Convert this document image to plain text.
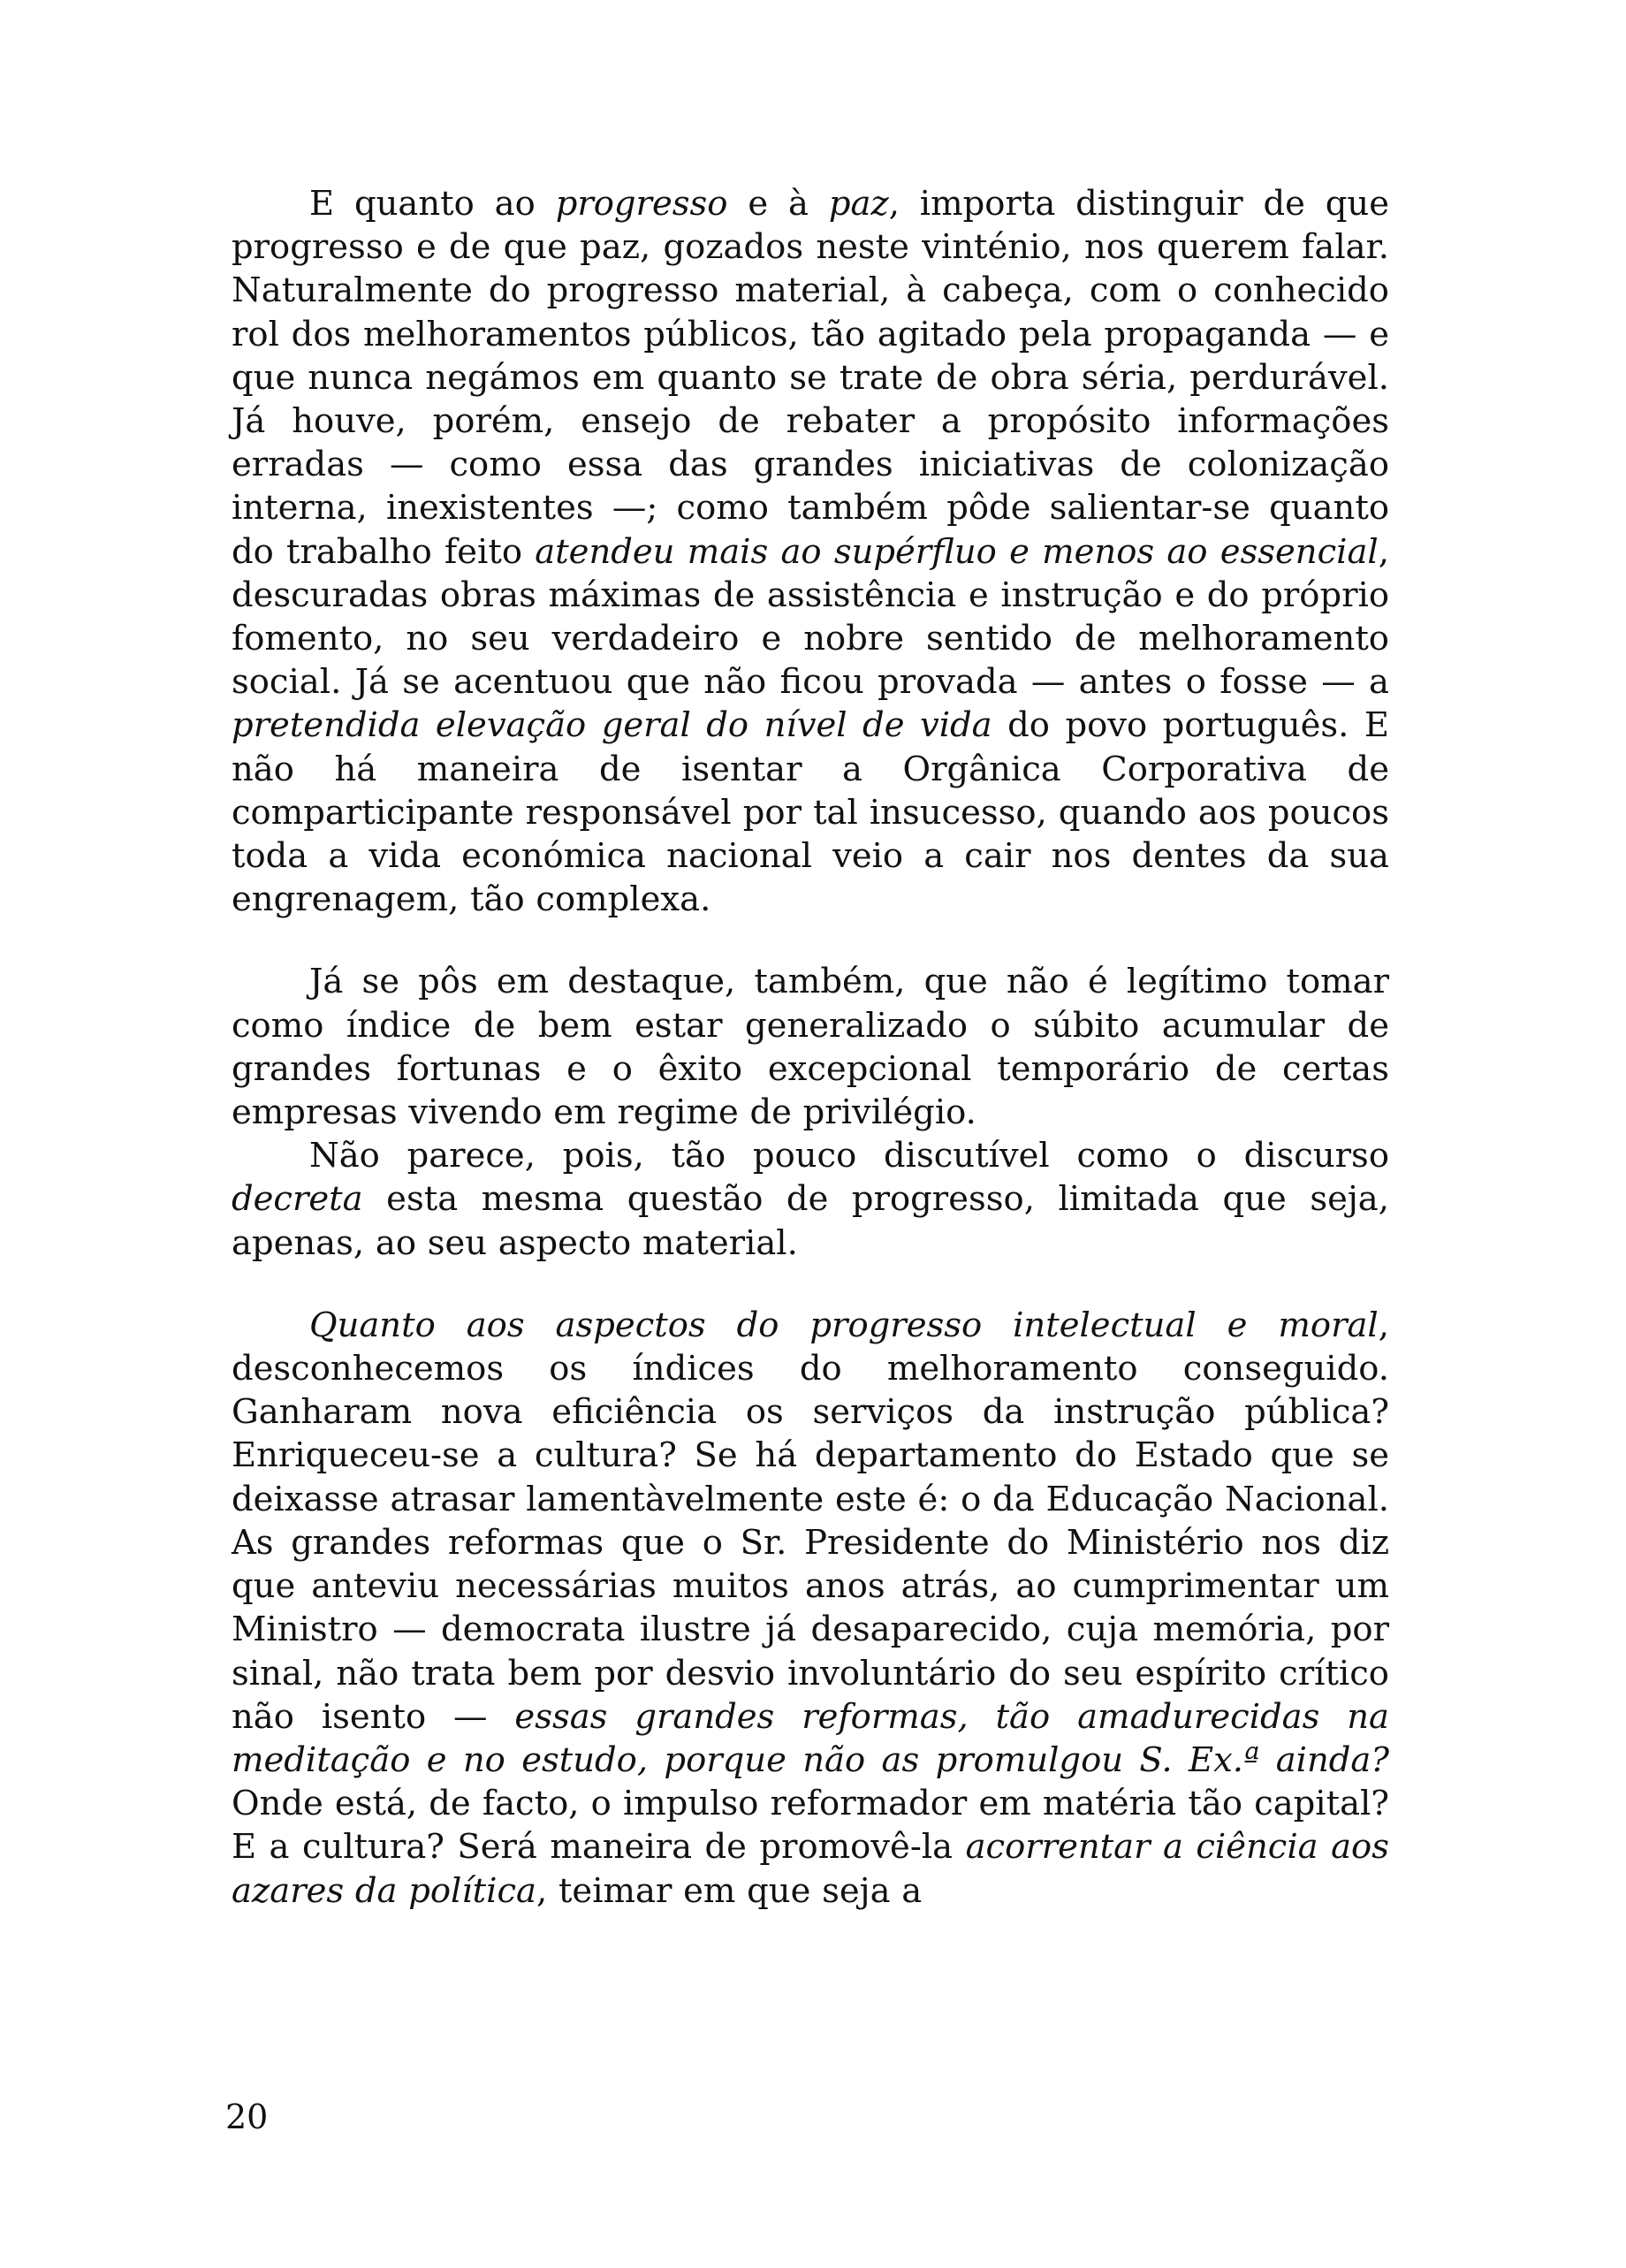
E quanto ao progresso e à paz, importa distinguir de que progresso e de que paz, gozados neste vinténio, nos querem falar. Naturalmente do progresso material, à cabeça, com o conhecido rol dos melhoramentos públicos, tão agitado pela propaganda — e que nunca negámos em quanto se trate de obra séria, perdurável. Já houve, porém, ensejo de rebater a propósito informações erradas — como essa das grandes iniciativas de colonização interna, inexistentes —; como também pôde salientar-se quanto do trabalho feito atendeu mais ao supérfluo e menos ao essencial, descuradas obras máximas de assistência e instrução e do próprio fomento, no seu verdadeiro e nobre sentido de melhoramento social. Já se acentuou que não ficou provada — antes o fosse — a pretendida elevação geral do nível de vida do povo português. E não há maneira de isentar a Orgânica Corporativa de comparticipante responsável por tal insucesso, quando aos poucos toda a vida económica nacional veio a cair nos dentes da sua engrenagem, tão complexa.

Já se pôs em destaque, também, que não é legítimo tomar como índice de bem estar generalizado o súbito acumular de grandes fortunas e o êxito excepcional temporário de certas empresas vivendo em regime de privilégio.

Não parece, pois, tão pouco discutível como o discurso decreta esta mesma questão de progresso, limitada que seja, apenas, ao seu aspecto material.

Quanto aos aspectos do progresso intelectual e moral, desconhecemos os índices do melhoramento conseguido. Ganharam nova eficiência os serviços da instrução pública? Enriqueceu-se a cultura? Se há departamento do Estado que se deixasse atrasar lamentàvelmente este é: o da Educação Nacional. As grandes reformas que o Sr. Presidente do Ministério nos diz que anteviu necessárias muitos anos atrás, ao cumprimentar um Ministro — democrata ilustre já desaparecido, cuja memória, por sinal, não trata bem por desvio involuntário do seu espírito crítico não isento — essas grandes reformas, tão amadurecidas na meditação e no estudo, porque não as promulgou S. Ex.ª ainda? Onde está, de facto, o impulso reformador em matéria tão capital? E a cultura? Será maneira de promovê-la acorrentar a ciência aos azares da política, teimar em que seja a

20
